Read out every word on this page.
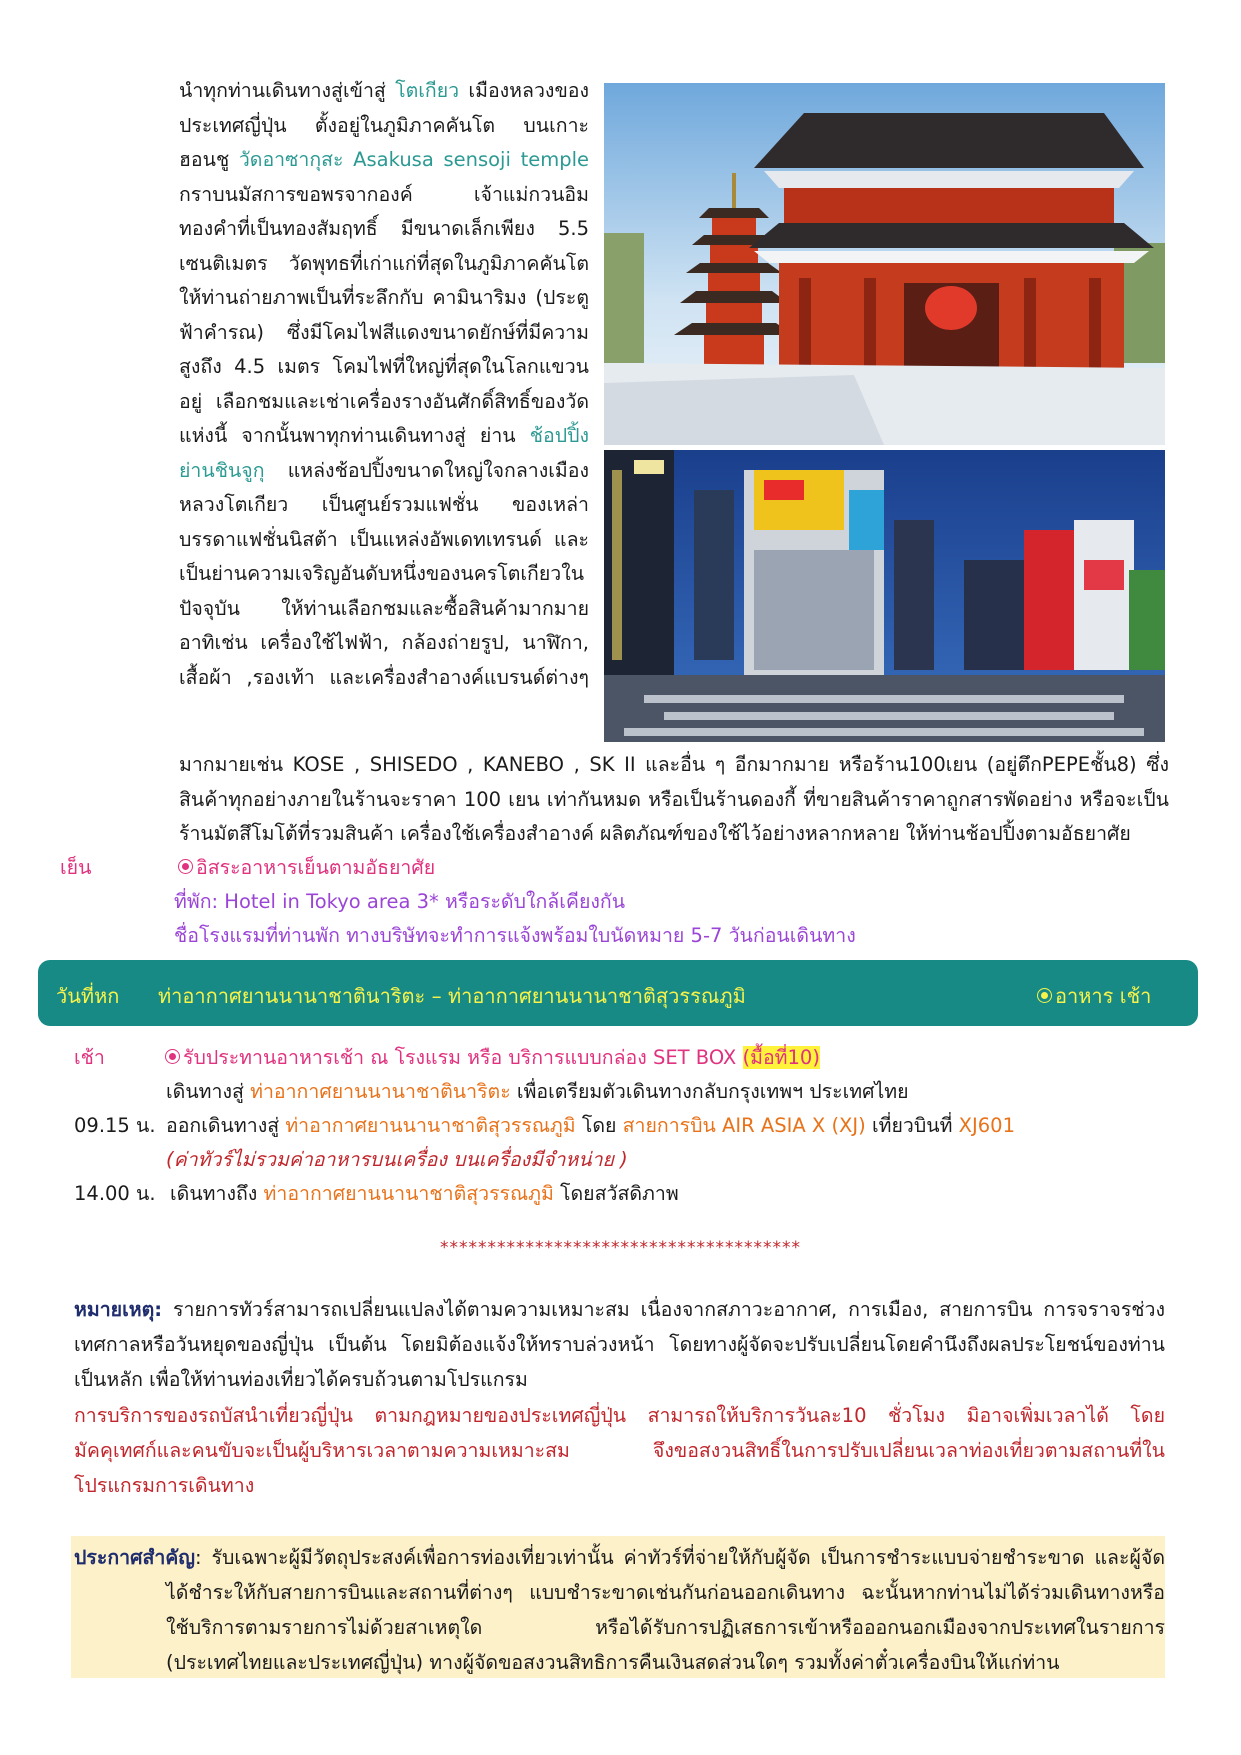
นำทุกท่านเดินทางสู่เข้าสู่ โตเกียว เมืองหลวงของประเทศญี่ปุ่น ตั้งอยู่ในภูมิภาคคันโต บนเกาะฮอนชู วัดอาซากุสะ Asakusa sensoji temple กราบนมัสการขอพรจากองค์ เจ้าแม่กวนอิมทองคำที่เป็นทองสัมฤทธิ์ มีขนาดเล็กเพียง 5.5 เซนติเมตร วัดพุทธที่เก่าแก่ที่สุดในภูมิภาคคันโต ให้ท่านถ่ายภาพเป็นที่ระลึกกับ คามินาริมง (ประตูฟ้าคำรณ) ซึ่งมีโคมไฟสีแดงขนาดยักษ์ที่มีความสูงถึง 4.5 เมตร โคมไฟที่ใหญ่ที่สุดในโลกแขวนอยู่ เลือกชมและเช่าเครื่องรางอันศักดิ์สิทธิ์ของวัดแห่งนี้ จากนั้นพาทุกท่านเดินทางสู่ ย่าน ช้อปปิ้งย่านชินจูกุ แหล่งช้อปปิ้งขนาดใหญ่ใจกลางเมืองหลวงโตเกียว เป็นศูนย์รวมแฟชั่น ของเหล่าบรรดาแฟชั่นนิสต้า เป็นแหล่งอัพเดทเทรนด์ และเป็นย่านความเจริญอันดับหนึ่งของนครโตเกียวในปัจจุบัน ให้ท่านเลือกชมและซื้อสินค้ามากมาย อาทิเช่น เครื่องใช้ไฟฟ้า, กล้องถ่ายรูป, นาฬิกา, เสื้อผ้า ,รองเท้า และเครื่องสำอางค์แบรนด์ต่างๆ
มากมายเช่น KOSE , SHISEDO , KANEBO , SK II และอื่น ๆ อีกมากมาย หรือร้าน100เยน (อยู่ตึกPEPEชั้น8) ซึ่งสินค้าทุกอย่างภายในร้านจะราคา 100 เยน เท่ากันหมด หรือเป็นร้านดองกี้ ที่ขายสินค้าราคาถูกสารพัดอย่าง หรือจะเป็นร้านมัตสึโมโต้ที่รวมสินค้า เครื่องใช้เครื่องสำอางค์ ผลิตภัณฑ์ของใช้ไว้อย่างหลากหลาย ให้ท่านช้อปปิ้งตามอัธยาศัย
เย็น	อิสระอาหารเย็นตามอัธยาศัย
ที่พัก: Hotel in Tokyo area 3* หรือระดับใกล้เคียงกัน
ชื่อโรงแรมที่ท่านพัก ทางบริษัทจะทำการแจ้งพร้อมใบนัดหมาย 5-7 วันก่อนเดินทาง
วันที่หก ท่าอากาศยานนานาชาตินาริตะ – ท่าอากาศยานนานาชาติสุวรรณภูมิ	อาหาร เช้า
เช้า	รับประทานอาหารเช้า ณ โรงแรม หรือ บริการแบบกล่อง SET BOX (มื้อที่10)
เดินทางสู่ ท่าอากาศยานนานาชาตินาริตะ เพื่อเตรียมตัวเดินทางกลับกรุงเทพฯ ประเทศไทย
09.15 น. ออกเดินทางสู่ ท่าอากาศยานนานาชาติสุวรรณภูมิ โดย สายการบิน AIR ASIA X (XJ) เที่ยวบินที่ XJ601
(ค่าทัวร์ไม่รวมค่าอาหารบนเครื่อง บนเครื่องมีจำหน่าย )
14.00 น. เดินทางถึง ท่าอากาศยานนานาชาติสุวรรณภูมิ โดยสวัสดิภาพ
**************************************
หมายเหตุ: รายการทัวร์สามารถเปลี่ยนแปลงได้ตามความเหมาะสม เนื่องจากสภาวะอากาศ, การเมือง, สายการบิน การจราจรช่วงเทศกาลหรือวันหยุดของญี่ปุ่น เป็นต้น โดยมิต้องแจ้งให้ทราบล่วงหน้า โดยทางผู้จัดจะปรับเปลี่ยนโดยคำนึงถึงผลประโยชน์ของท่านเป็นหลัก เพื่อให้ท่านท่องเที่ยวได้ครบถ้วนตามโปรแกรม
การบริการของรถบัสนำเที่ยวญี่ปุ่น ตามกฎหมายของประเทศญี่ปุ่น สามารถให้บริการวันละ10 ชั่วโมง มิอาจเพิ่มเวลาได้ โดยมัคคุเทศก์และคนขับจะเป็นผู้บริหารเวลาตามความเหมาะสม จึงขอสงวนสิทธิ์ในการปรับเปลี่ยนเวลาท่องเที่ยวตามสถานที่ในโปรแกรมการเดินทาง
ประกาศสำคัญ: รับเฉพาะผู้มีวัตถุประสงค์เพื่อการท่องเที่ยวเท่านั้น ค่าทัวร์ที่จ่ายให้กับผู้จัด เป็นการชำระแบบจ่ายชำระขาด และผู้จัดได้ชำระให้กับสายการบินและสถานที่ต่างๆ แบบชำระขาดเช่นกันก่อนออกเดินทาง ฉะนั้นหากท่านไม่ได้ร่วมเดินทางหรือใช้บริการตามรายการไม่ด้วยสาเหตุใด หรือได้รับการปฏิเสธการเข้าหรือออกนอกเมืองจากประเทศในรายการ (ประเทศไทยและประเทศญี่ปุ่น) ทางผู้จัดขอสงวนสิทธิการคืนเงินสดส่วนใดๆ รวมทั้งค่าตั๋วเครื่องบินให้แก่ท่าน
